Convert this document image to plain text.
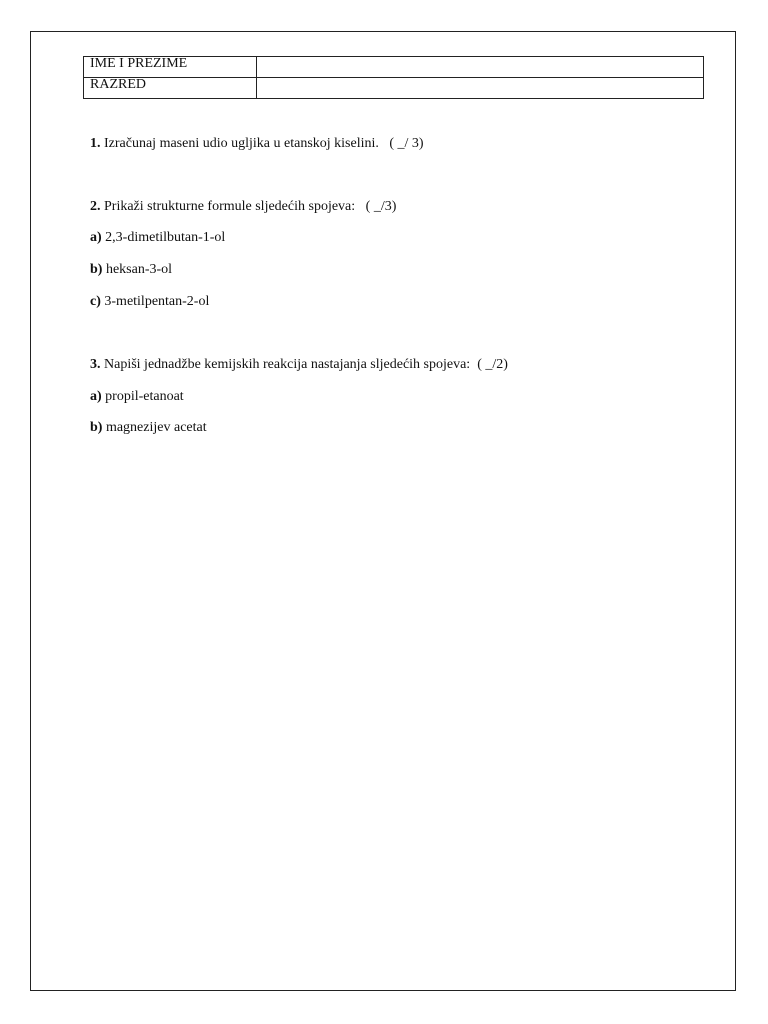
IME I PREZIME	
RAZRED	
1. Izračunaj maseni udio ugljika u etanskoj kiselini. ( _/ 3)
2. Prikaži strukturne formule sljedećih spojeva: ( _/3)
a) 2,3-dimetilbutan-1-ol
b) heksan-3-ol
c) 3-metilpentan-2-ol
3. Napiši jednadžbe kemijskih reakcija nastajanja sljedećih spojeva: ( _/2)
a) propil-etanoat
b) magnezijev acetat
